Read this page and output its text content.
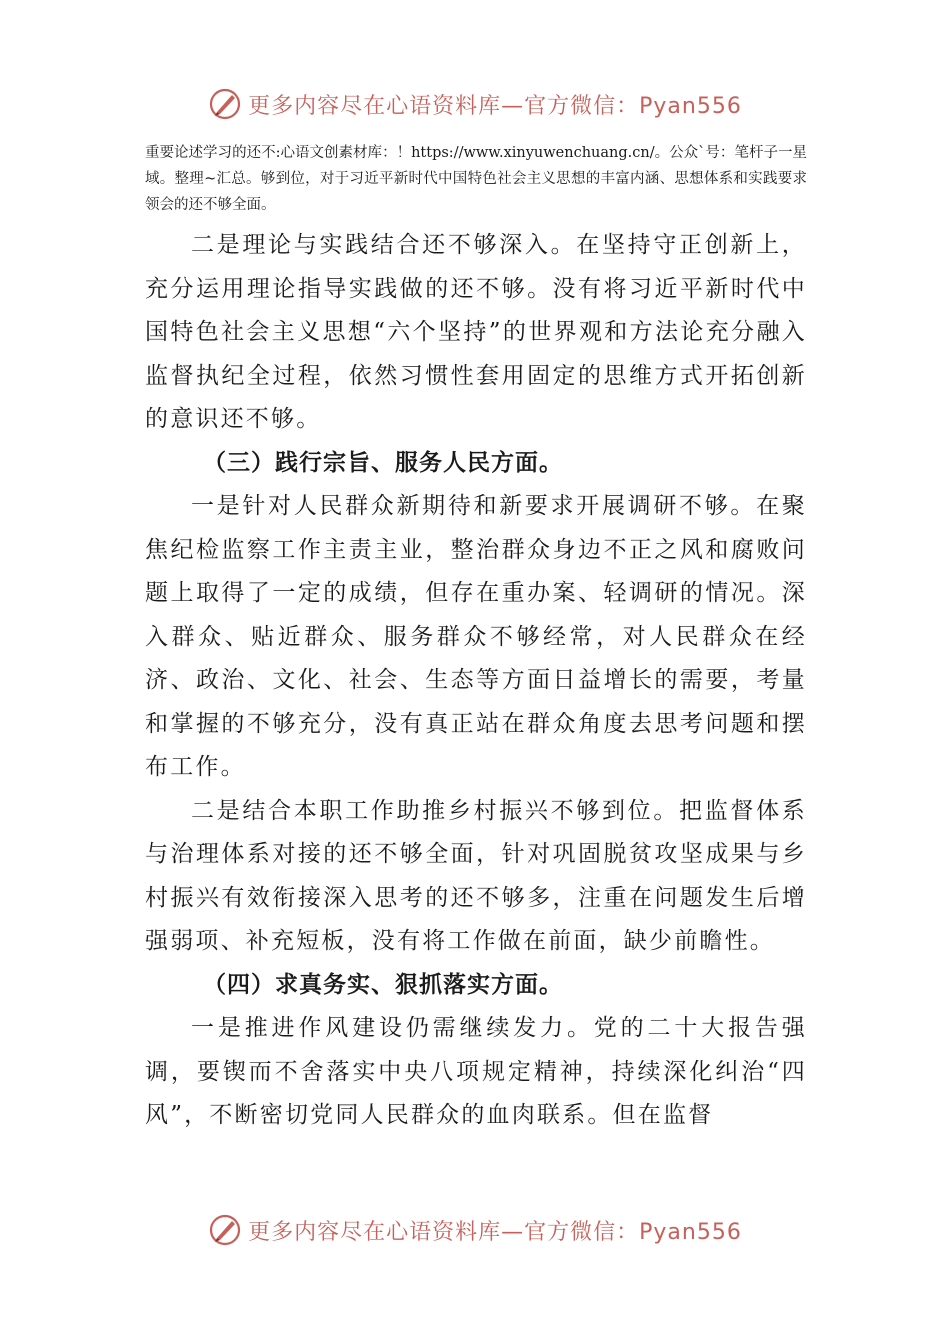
更多内容尽在心语资料库—官方微信：Pyan556

重要论述学习的还不:心语文创素材库：！https://www.xinyuwenchuang.cn/。公众`号：笔杆子一星域。整理~汇总。够到位，对于习近平新时代中国特色社会主义思想的丰富内涵、思想体系和实践要求领会的还不够全面。

二是理论与实践结合还不够深入。在坚持守正创新上，充分运用理论指导实践做的还不够。没有将习近平新时代中国特色社会主义思想“六个坚持”的世界观和方法论充分融入监督执纪全过程，依然习惯性套用固定的思维方式开拓创新的意识还不够。

（三）践行宗旨、服务人民方面。

一是针对人民群众新期待和新要求开展调研不够。在聚焦纪检监察工作主责主业，整治群众身边不正之风和腐败问题上取得了一定的成绩，但存在重办案、轻调研的情况。深入群众、贴近群众、服务群众不够经常，对人民群众在经济、政治、文化、社会、生态等方面日益增长的需要，考量和掌握的不够充分，没有真正站在群众角度去思考问题和摆布工作。

二是结合本职工作助推乡村振兴不够到位。把监督体系与治理体系对接的还不够全面，针对巩固脱贫攻坚成果与乡村振兴有效衔接深入思考的还不够多，注重在问题发生后增强弱项、补充短板，没有将工作做在前面，缺少前瞻性。

（四）求真务实、狠抓落实方面。

一是推进作风建设仍需继续发力。党的二十大报告强调，要锲而不舍落实中央八项规定精神，持续深化纠治“四风”，不断密切党同人民群众的血肉联系。但在监督

更多内容尽在心语资料库—官方微信：Pyan556
